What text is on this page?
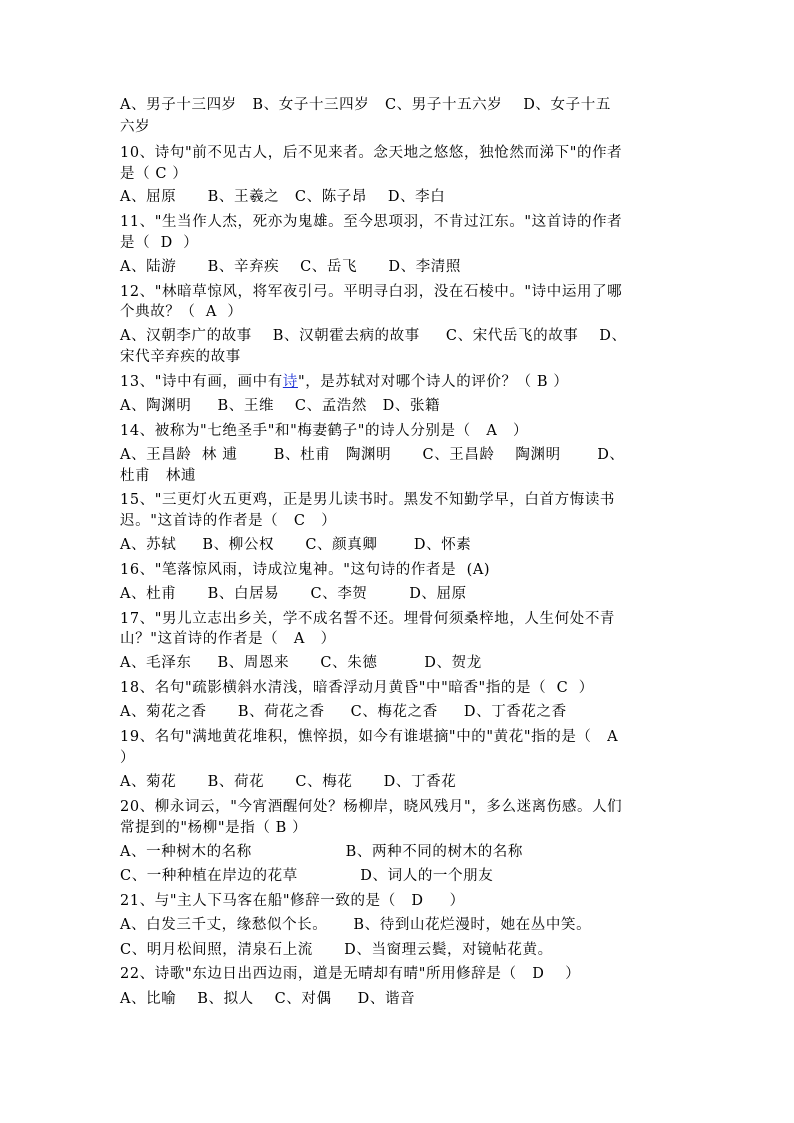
A、男子十三四岁   B、女子十三四岁   C、男子十五六岁    D、女子十五
六岁
10、诗句"前不见古人，后不见来者。念天地之悠悠，独怆然而涕下"的作者
是（ C ）
A、屈原      B、王羲之   C、陈子昂    D、李白
11、"生当作人杰，死亦为鬼雄。至今思项羽，不肯过江东。"这首诗的作者
是（  D  ）
A、陆游      B、辛弃疾    C、岳飞      D、李清照
12、"林暗草惊风，将军夜引弓。平明寻白羽，没在石棱中。"诗中运用了哪
个典故？（  A  ）
A、汉朝李广的故事    B、汉朝霍去病的故事     C、宋代岳飞的故事    D、
宋代辛弃疾的故事
13、"诗中有画，画中有诗"，是苏轼对对哪个诗人的评价？（ B ）
A、陶渊明     B、王维    C、孟浩然   D、张籍
14、被称为"七绝圣手"和"梅妻鹤子"的诗人分别是（   A   ）
A、王昌龄  林 逋       B、杜甫   陶渊明      C、王昌龄    陶渊明       D、
杜甫   林逋
15、"三更灯火五更鸡，正是男儿读书时。黑发不知勤学早，白首方悔读书
迟。"这首诗的作者是（   C   ）
A、苏轼     B、柳公权      C、颜真卿       D、怀素
16、"笔落惊风雨，诗成泣鬼神。"这句诗的作者是  (A)
A、杜甫      B、白居易      C、李贺        D、屈原
17、"男儿立志出乡关，学不成名誓不还。埋骨何须桑梓地，人生何处不青
山？"这首诗的作者是（   A   ）
A、毛泽东     B、周恩来      C、朱德         D、贺龙
18、名句"疏影横斜水清浅，暗香浮动月黄昏"中"暗香"指的是（  C  ）
A、菊花之香      B、荷花之香     C、梅花之香     D、丁香花之香
19、名句"满地黄花堆积，憔悴损，如今有谁堪摘"中的"黄花"指的是（   A
）
A、菊花      B、荷花      C、梅花      D、丁香花
20、柳永词云，"今宵酒醒何处？杨柳岸，晓风残月"，多么迷离伤感。人们
常提到的"杨柳"是指（ B ）
A、一种树木的名称                  B、两种不同的树木的名称
C、一种种植在岸边的花草            D、词人的一个朋友
21、与"主人下马客在船"修辞一致的是（   D     ）
A、白发三千丈，缘愁似个长。     B、待到山花烂漫时，她在丛中笑。
C、明月松间照，清泉石上流      D、当窗理云鬓，对镜帖花黄。
22、诗歌"东边日出西边雨，道是无晴却有晴"所用修辞是（   D    ）
A、比喻    B、拟人    C、对偶     D、谐音
